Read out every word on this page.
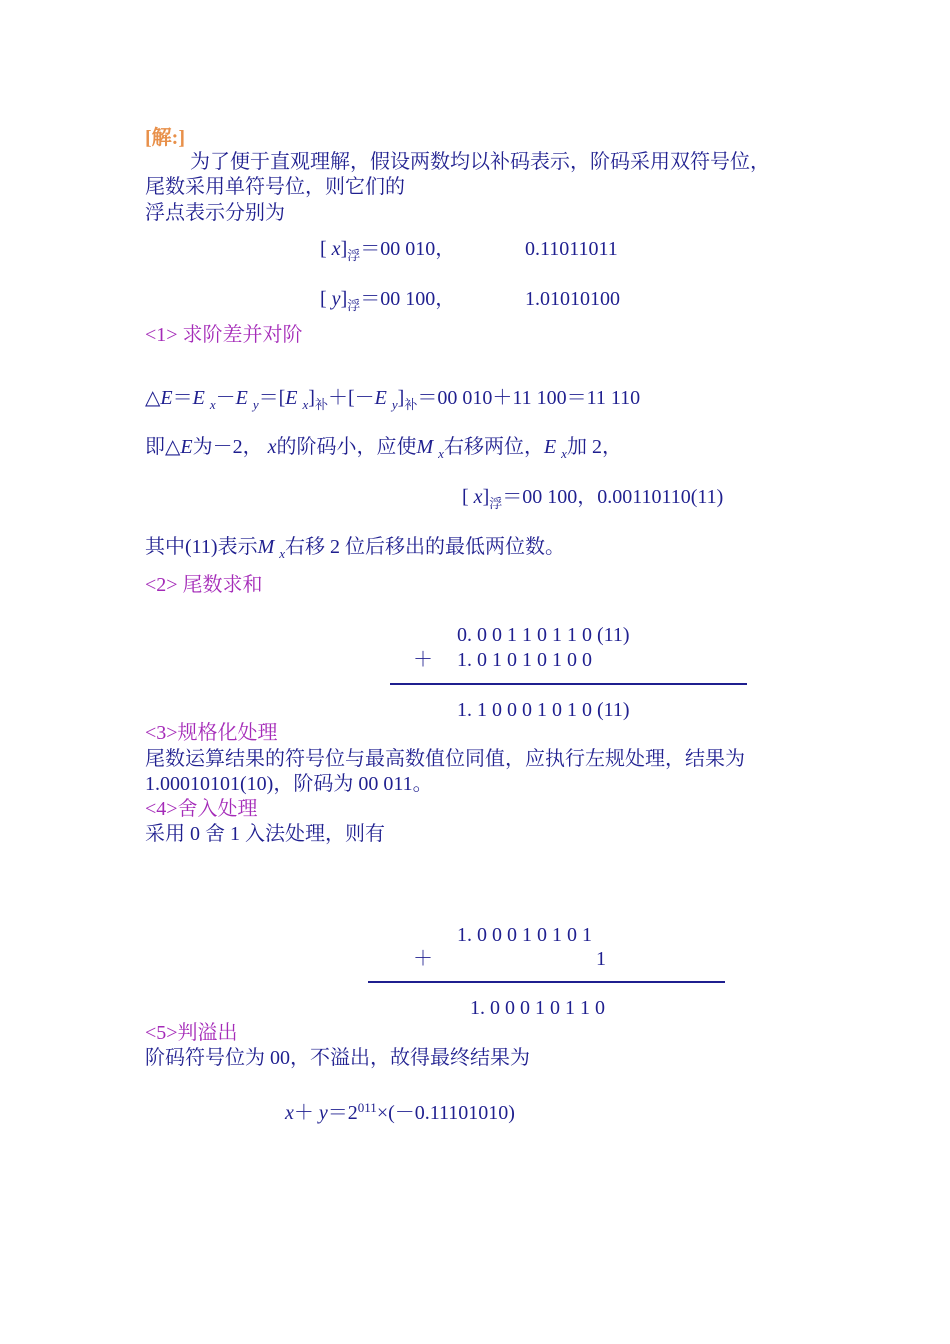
[解:]
为了便于直观理解，假设两数均以补码表示，阶码采用双符号位，
尾数采用单符号位，则它们的
浮点表示分别为
[ $x]_浮=00$ 010，	0.11011011
[ $y]_浮=00$ 100，	1.01010100
<1> 求阶差并对阶
△E＝E $_x$－E $_y$＝[E $_x]_补+[-E$ $_y]_补=00$ 010＋11 100＝11 110
即△E为－2， x的阶码小，应使M $_x$右移两位，E $_x$加 2，
[ $x]_浮=00$ 100，0.00110110(11)
其中(11)表示M $_x$右移 2 位后移出的最低两位数。
<2> 尾数求和
0. 0 0 1 1 0 1 1 0 (11)
＋ 1. 0 1 0 1 0 1 0 0
1. 1 0 0 0 1 0 1 0 (11)
<3>规格化处理
尾数运算结果的符号位与最高数值位同值，应执行左规处理，结果为
1.00010101(10)，阶码为 00 011。
<4>舍入处理
采用 0 舍 1 入法处理，则有
1. 0 0 0 1 0 1 0 1
＋	1
1. 0 0 0 1 0 1 1 0
<5>判溢出
阶码符号位为 00，不溢出，故得最终结果为
$x+ y=2^{011}\times(-0.11101010)$
